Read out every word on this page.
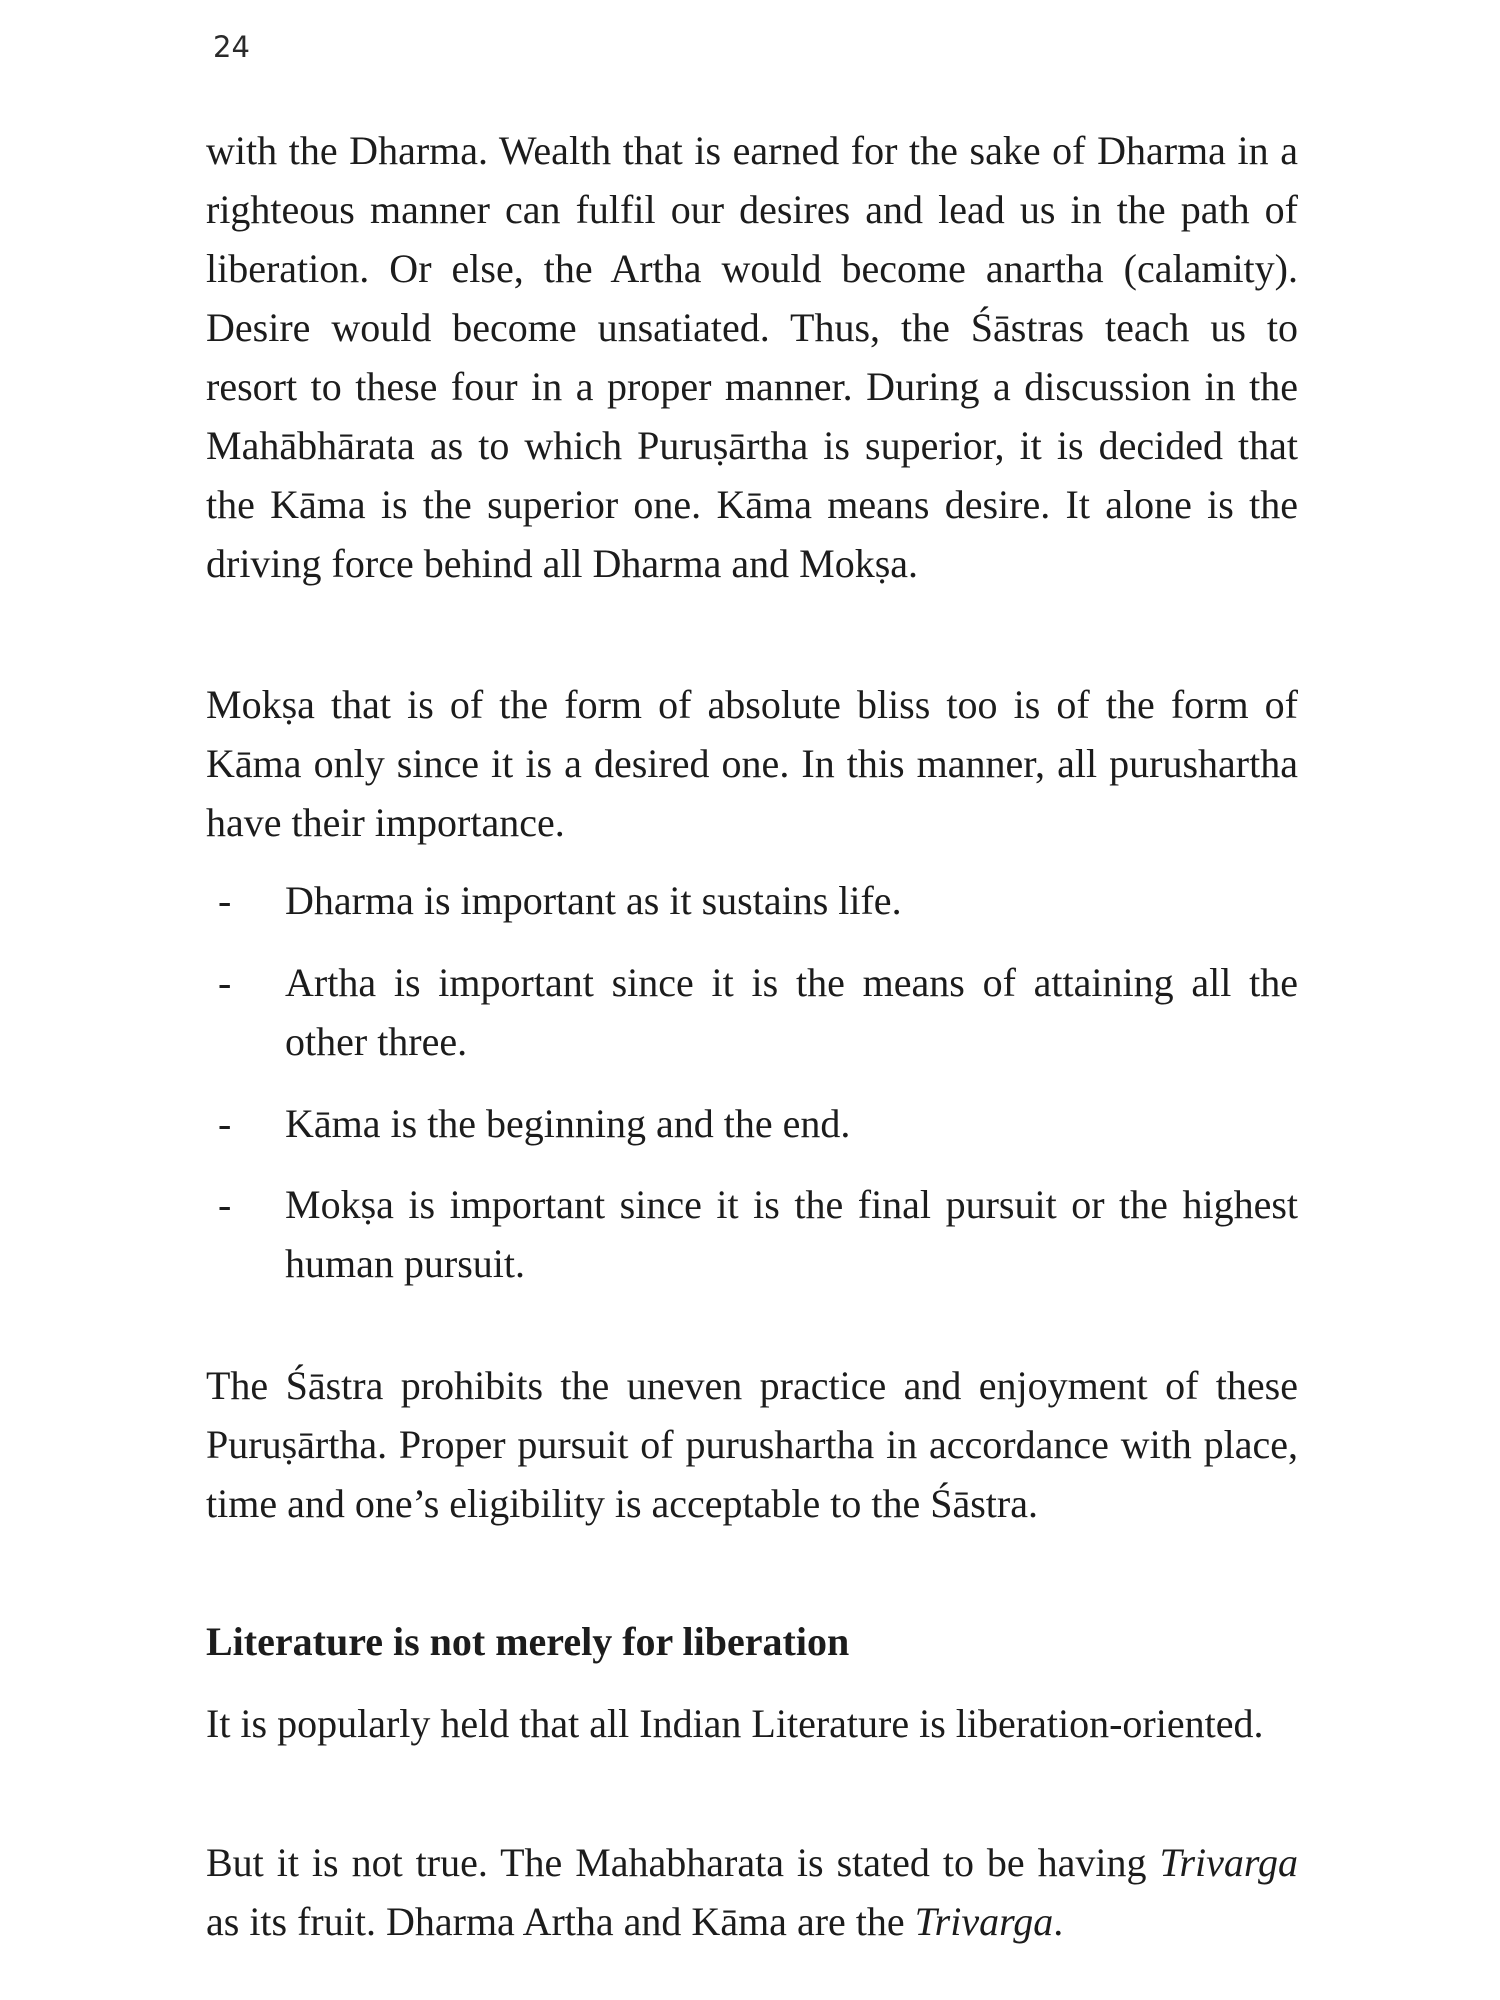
24

with the Dharma. Wealth that is earned for the sake of Dharma in a righteous manner can fulfil our desires and lead us in the path of liberation. Or else, the Artha would become anartha (calamity). Desire would become unsatiated. Thus, the Śāstras teach us to resort to these four in a proper manner. During a discussion in the Mahābhārata as to which Puruṣārtha is superior, it is decided that the Kāma is the superior one. Kāma means desire. It alone is the driving force behind all Dharma and Mokṣa.

Mokṣa that is of the form of absolute bliss too is of the form of Kāma only since it is a desired one. In this manner, all purushartha have their importance.

- Dharma is important as it sustains life.
- Artha is important since it is the means of attaining all the other three.
- Kāma is the beginning and the end.
- Mokṣa is important since it is the final pursuit or the highest human pursuit.

The Śāstra prohibits the uneven practice and enjoyment of these Puruṣārtha. Proper pursuit of purushartha in accordance with place, time and one’s eligibility is acceptable to the Śāstra.

Literature is not merely for liberation

It is popularly held that all Indian Literature is liberation-oriented.

But it is not true. The Mahabharata is stated to be having Trivarga as its fruit. Dharma Artha and Kāma are the Trivarga.
